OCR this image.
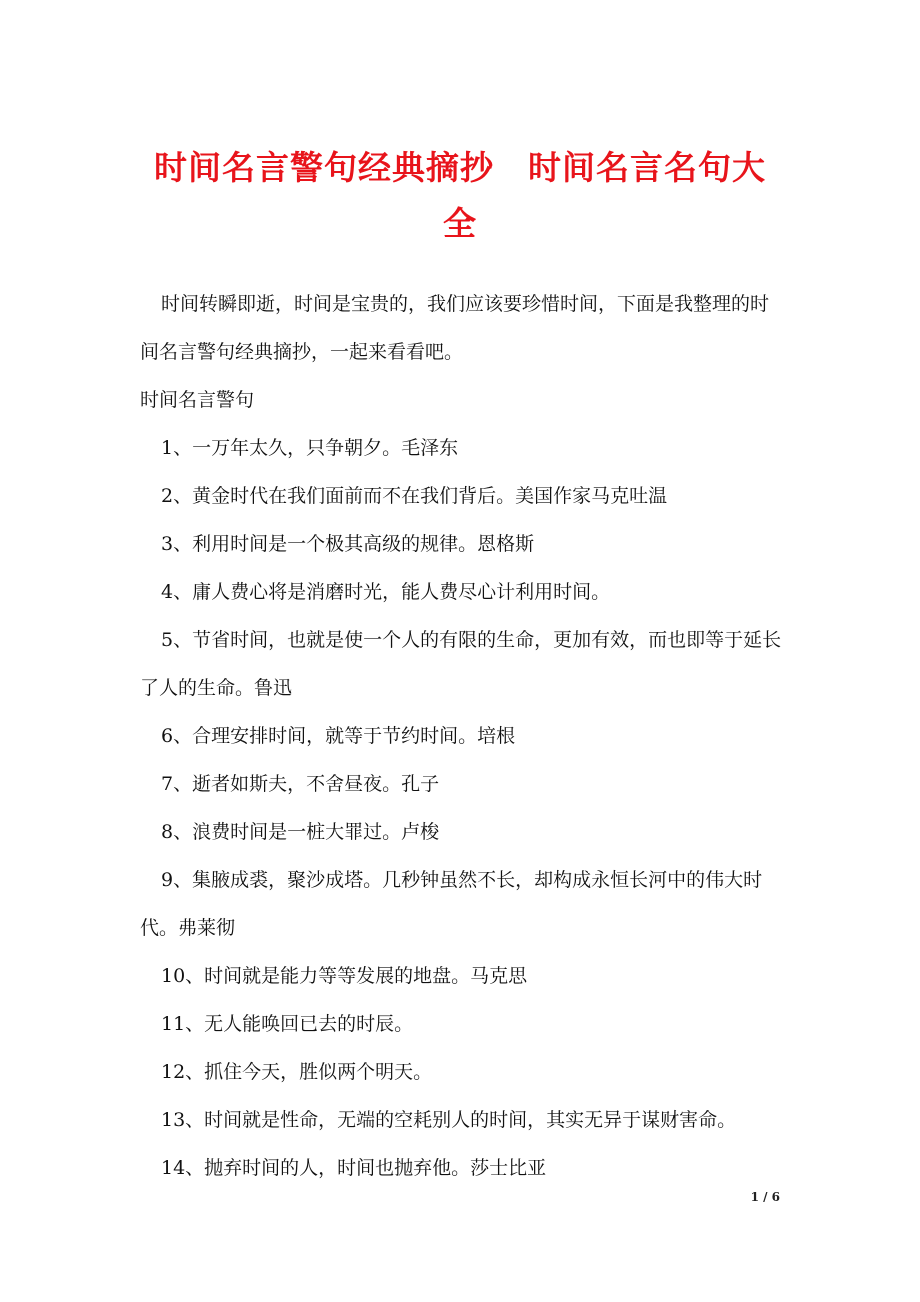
时间名言警句经典摘抄　时间名言名句大全

时间转瞬即逝，时间是宝贵的，我们应该要珍惜时间，下面是我整理的时间名言警句经典摘抄，一起来看看吧。

时间名言警句

1、一万年太久，只争朝夕。毛泽东

2、黄金时代在我们面前而不在我们背后。美国作家马克吐温

3、利用时间是一个极其高级的规律。恩格斯

4、庸人费心将是消磨时光，能人费尽心计利用时间。

5、节省时间，也就是使一个人的有限的生命，更加有效，而也即等于延长了人的生命。鲁迅

6、合理安排时间，就等于节约时间。培根

7、逝者如斯夫，不舍昼夜。孔子

8、浪费时间是一桩大罪过。卢梭

9、集腋成裘，聚沙成塔。几秒钟虽然不长，却构成永恒长河中的伟大时代。弗莱彻

10、时间就是能力等等发展的地盘。马克思

11、无人能唤回已去的时辰。

12、抓住今天，胜似两个明天。

13、时间就是性命，无端的空耗别人的时间，其实无异于谋财害命。

14、抛弃时间的人，时间也抛弃他。莎士比亚

1 / 6
